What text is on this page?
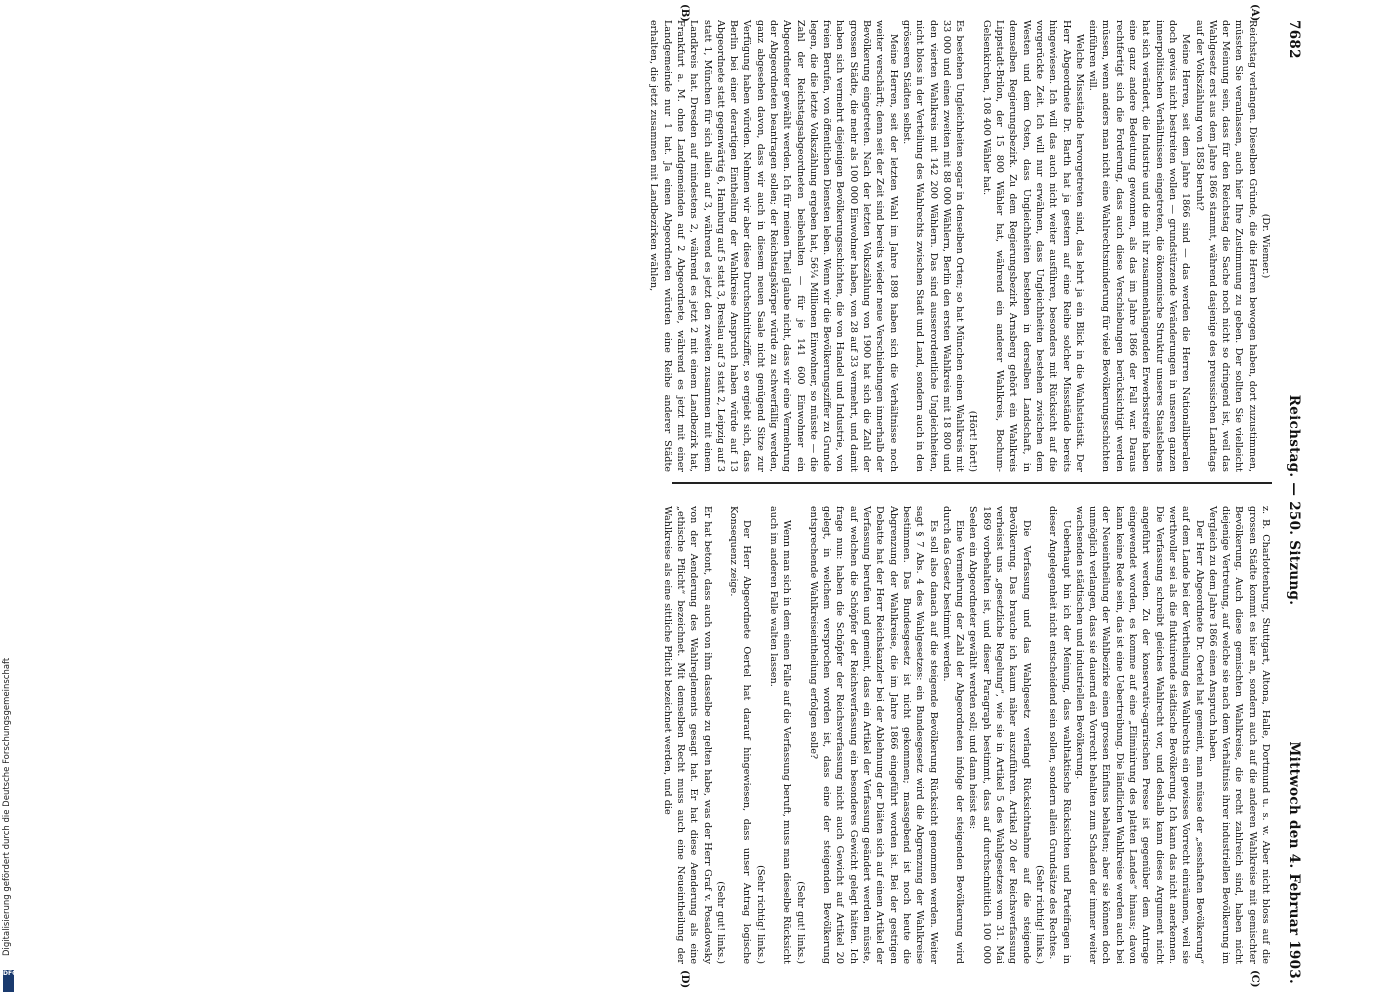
7682
Reichstag. — 250. Sitzung.
Mittwoch den 4. Februar 1903.
(A)
(B)
(C)
(D)

(Dr. Wiemer.)

Reichstag verlangen. Dieselben Gründe, die die Herren bewogen haben, dort zuzustimmen, müssten Sie veranlassen, auch hier Ihre Zustimmung zu geben. Der sollten Sie vielleicht der Meinung sein, dass für den Reichstag die Sache noch nicht so dringend ist, weil das Wahlgesetz erst aus dem Jahre 1866 stammt, während dasjenige des preussischen Landtags auf der Volkszählung von 1858 beruht?

Meine Herren, seit dem Jahre 1866 sind — das werden die Herren Nationalliberalen doch gewiss nicht bestreiten wollen — grundstürzende Veränderungen in unseren ganzen innerpolitischen Verhältnissen eingetreten, die ökonomische Struktur unseres Staatslebens hat sich verändert, die Industrie und die mit ihr zusammenhängenden Erwerbsstreife haben eine ganz andere Bedeutung gewonnen, als das im Jahre 1866 der Fall war. Daraus rechtfertigt sich die Forderung, dass auch diese Verschiebungen berücksichtigt werden müssen, wenn anders man nicht eine Wahlrechtsminderung für viele Bevölkerungsschichten einführen will.

Welche Missstände hervorgetreten sind, das lehrt ja ein Blick in die Wahlstatistik. Der Herr Abgeordnete Dr. Barth hat ja gestern auf eine Reihe solcher Missstände bereits hingewiesen. Ich will das auch nicht weiter ausführen, besonders mit Rücksicht auf die vorgerückte Zeit. Ich will nur erwähnen, dass Ungleichheiten bestehen zwischen dem Westen und dem Osten, dass Ungleichheiten bestehen in derselben Landschaft, in demselben Regierungsbezirk. Zu dem Regierungsbezirk Arnsberg gehört ein Wahlkreis Lippstadt-Brilon, der 15 800 Wähler hat, während ein anderer Wahlkreis, Bochum-Gelsenkirchen, 108 400 Wähler hat.

(Hört! hört!)

Es bestehen Ungleichheiten sogar in denselben Orten; so hat München einen Wahlkreis mit 33 000 und einen zweiten mit 88 000 Wählern, Berlin den ersten Wahlkreis mit 18 800 und den vierten Wahlkreis mit 142 200 Wählern. Das sind ausserordentliche Ungleichheiten, nicht bloss in der Verteilung des Wahlrechts zwischen Stadt und Land, sondern auch in den grösseren Städten selbst.

Meine Herren, seit der letzten Wahl im Jahre 1898 haben sich die Verhältnisse noch weiter verschärft; denn seit der Zeit sind bereits wieder neue Verschiebungen innerhalb der Bevölkerung eingetreten. Nach der letzten Volkszählung von 1900 hat sich die Zahl der grossen Städte, die mehr als 100 000 Einwohner haben, von 28 auf 33 vermehrt, und damit haben sich vermehrt diejenigen Bevölkerungsschichten, die von Handel und Industrie, von freien Berufen, von öffentlichen Diensten leben. Wenn wir die Bevölkerungsziffer zu Grunde legen, die die letzte Volkszählung ergeben hat, 56¼ Millionen Einwohner, so müsste — die Zahl der Reichstagsabgeordneten beibehalten — für je 141 600 Einwohner ein Abgeordneter gewählt werden. Ich für meinen Theil glaube nicht, dass wir eine Vermehrung der Abgeordneten beantragen sollen; der Reichstagskörper würde zu schwerfällig werden, ganz abgesehen davon, dass wir auch in diesem neuen Saale nicht genügend Sitze zur Verfügung haben würden. Nehmen wir aber diese Durchschnittsziffer, so ergiebt sich, dass Berlin bei einer derartigen Eintheilung der Wahlkreise Anspruch haben würde auf 13 Abgeordnete statt gegenwärtig 6, Hamburg auf 5 statt 3, Breslau auf 3 statt 2, Leipzig auf 3 statt 1, München für sich allein auf 3, während es jetzt den zweiten zusammen mit einem Landkreis hat. Dresden auf mindestens 2, während es jetzt 2 mit einem Landbezirk hat, Frankfurt a. M. ohne Landgemeinden auf 2 Abgeordnete, während es jetzt mit einer Landgemeinde nur 1 hat. Ja einen Abgeordneten würden eine Reihe anderer Städte erhalten, die jetzt zusammen mit Landbezirken wählen,

z. B. Charlottenburg, Stuttgart, Altona, Halle, Dortmund u. s. w. Aber nicht bloss auf die grossen Städte kommt es hier an, sondern auch auf die anderen Wahlkreise mit gemischter Bevölkerung. Auch diese gemischten Wahlkreise, die recht zahlreich sind, haben nicht diejenige Vertretung, auf welche sie nach dem Verhältniss ihrer industriellen Bevölkerung im Vergleich zu dem Jahre 1866 einen Anspruch haben.

Der Herr Abgeordnete Dr. Oertel hat gemeint, man müsse der „sesshaften Bevölkerung“ auf dem Lande bei der Vertheilung des Wahlrechts ein gewisses Vorrecht einräumen, weil sie werthvoller sei als die fluktuirende städtische Bevölkerung. Ich kann das nicht anerkennen. Die Verfassung schreibt gleiches Wahlrecht vor, und deshalb kann dieses Argument nicht angeführt werden. Zu der konservativ-agrarischen Presse ist gegenüber dem Antrage eingewendet worden, es komme auf eine „Eliminirung des platten Landes“ hinaus; davon kann keine Rede sein, das ist eine Uebertreibung. Die ländlichen Wahlkreise werden auch bei der Neueintheilung der Wahlbezirke einen grossen Einfluss behalten; aber sie können doch unmöglich verlangen, dass sie dauernd ein Vorrecht behalten zum Schaden der immer weiter wachsenden städtischen und industriellen Bevölkerung.

Ueberhaupt bin ich der Meinung, dass wahltaktische Rücksichten und Parteifragen in dieser Angelegenheit nicht entscheidend sein sollen, sondern allein Grundsätze des Rechtes.

(Sehr richtig! links.)

Die Verfassung und das Wahlgesetz verlangt Rücksichtnahme auf die steigende Bevölkerung. Das brauche ich kaum näher auszuführen. Artikel 20 der Reichsverfassung verheisst uns „gesetzliche Regelung“, wie sie in Artikel 5 des Wahlgesetzes vom 31. Mai 1869 vorbehalten ist, und dieser Paragraph bestimmt, dass auf durchschnittlich 100 000 Seelen ein Abgeordneter gewählt werden soll; und dann heisst es:

Eine Vermehrung der Zahl der Abgeordneten infolge der steigenden Bevölkerung wird durch das Gesetz bestimmt werden.

Es soll also danach auf die steigende Bevölkerung Rücksicht genommen werden. Weiter sagt § 7 Abs. 4 des Wahlgesetzes: ein Bundesgesetz wird die Abgrenzung der Wahlkreise bestimmen. Das Bundesgesetz ist nicht gekommen; massgebend ist noch heute die Abgrenzung der Wahlkreise, die im Jahre 1866 eingeführt worden ist. Bei der gestrigen Debatte hat der Herr Reichskanzler bei der Ablehnung der Diäten sich auf einen Artikel der Verfassung berufen und gemeint, dass ein Artikel der Verfassung geändert werden müsste, auf welchen die Schöpfer der Reichsverfassung ein besonderes Gewicht gelegt hätten. Ich frage nun: haben die Schöpfer der Reichsverfassung nicht auch Gewicht auf Artikel 20 gelegt, in welchem versprochen worden ist, dass eine der steigenden Bevölkerung entsprechende Wahlkreiseintheilung erfolgen solle?

(Sehr gut! links.)

Wenn man sich in dem einen Falle auf die Verfassung beruft, muss man dieselbe Rücksicht auch im anderen Falle walten lassen.

(Sehr richtig! links.)

Der Herr Abgeordnete Oertel hat darauf hingewiesen, dass unser Antrag logische Konsequenz zeige.

(Sehr gut! links.)

Er hat betont, dass auch von ihm dasselbe zu gelten habe, was der Herr Graf v. Posadowsky von der Aenderung des Wahlreglements gesagt hat. Er hat diese Aenderung als eine „ethische Pflicht“ bezeichnet. Mit demselben Recht muss auch eine Neueintheilung der Wahlkreise als eine sittliche Pflicht bezeichnet werden, und die

DFG
Digitalisierung gefördert durch die Deutsche Forschungsgemeinschaft
